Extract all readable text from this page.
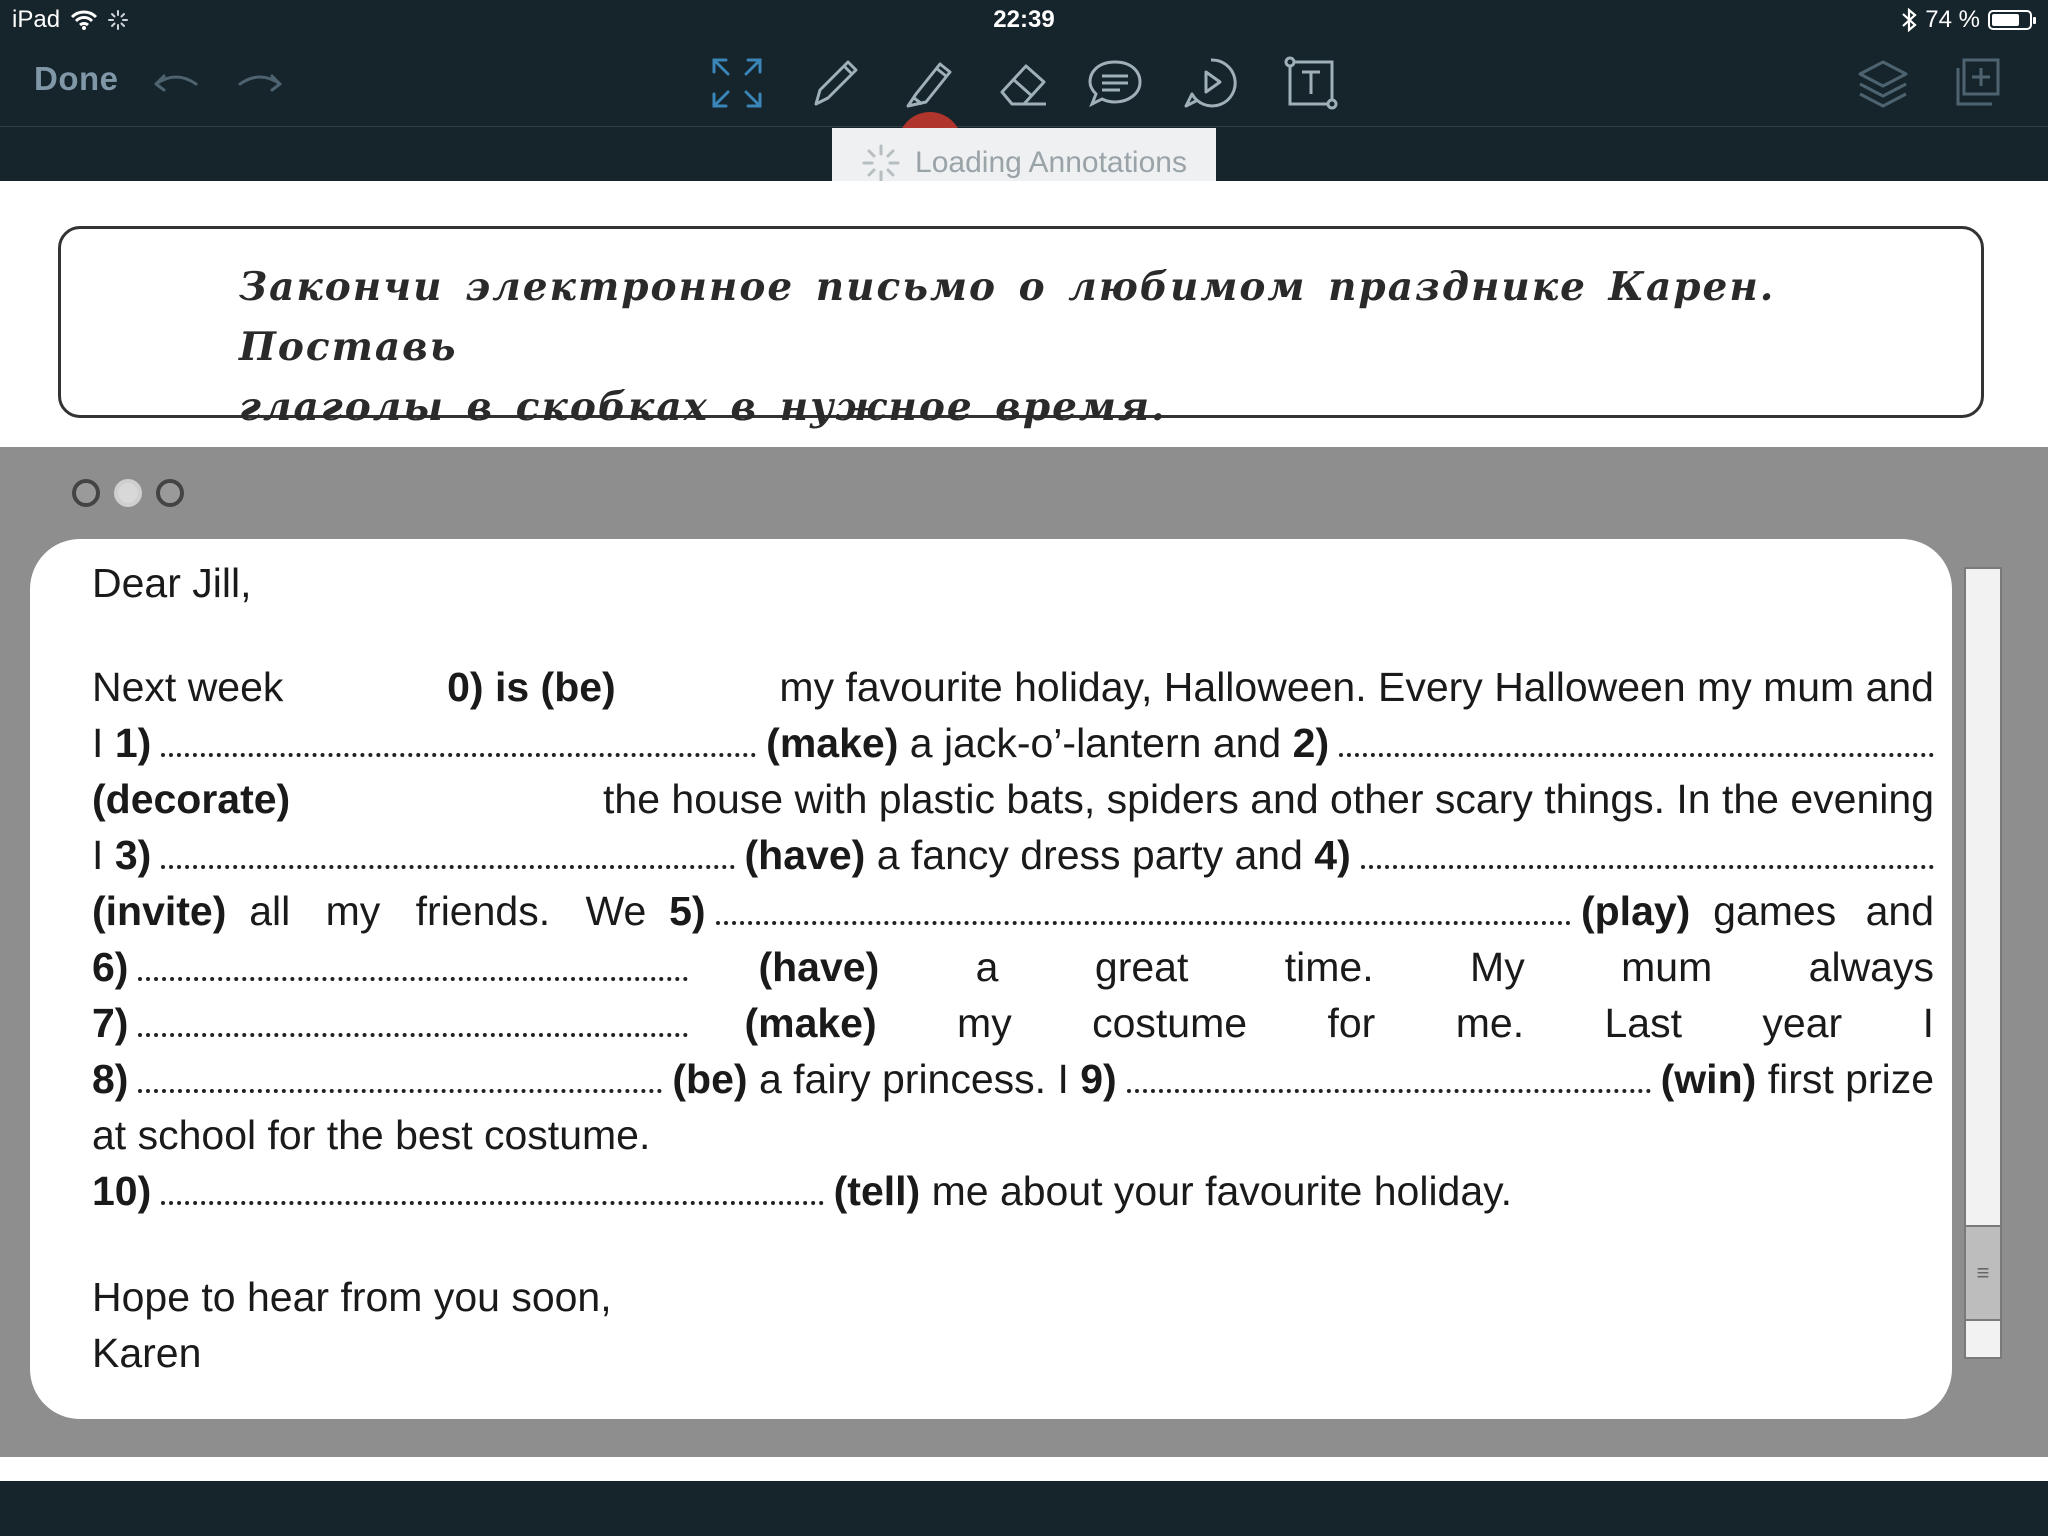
iPad	22:39	74 %
Done
Loading Annotations
Закончи электронное письмо о любимом празднике Карен. Поставь
глаголы в скобках в нужное время.
Dear Jill,
Next week	0) is (be)	my favourite holiday, Halloween. Every Halloween my mum and
I
1)	(make)
a jack-o’-lantern and
2)
(decorate)	the house with plastic bats, spiders and other scary things. In the evening
I
3)	(have)
a fancy dress party and
4)
(invite)
all my friends. We
5)	(play)
games and
6)	(have) a great time. My mum always
7)	(make) my costume for me. Last year I
8)	(be)
a fairy princess. I
9)	(win)
first prize
at school for the best costume.
10)	(tell)
me about your favourite holiday.
Hope to hear from you soon,
Karen
≡
